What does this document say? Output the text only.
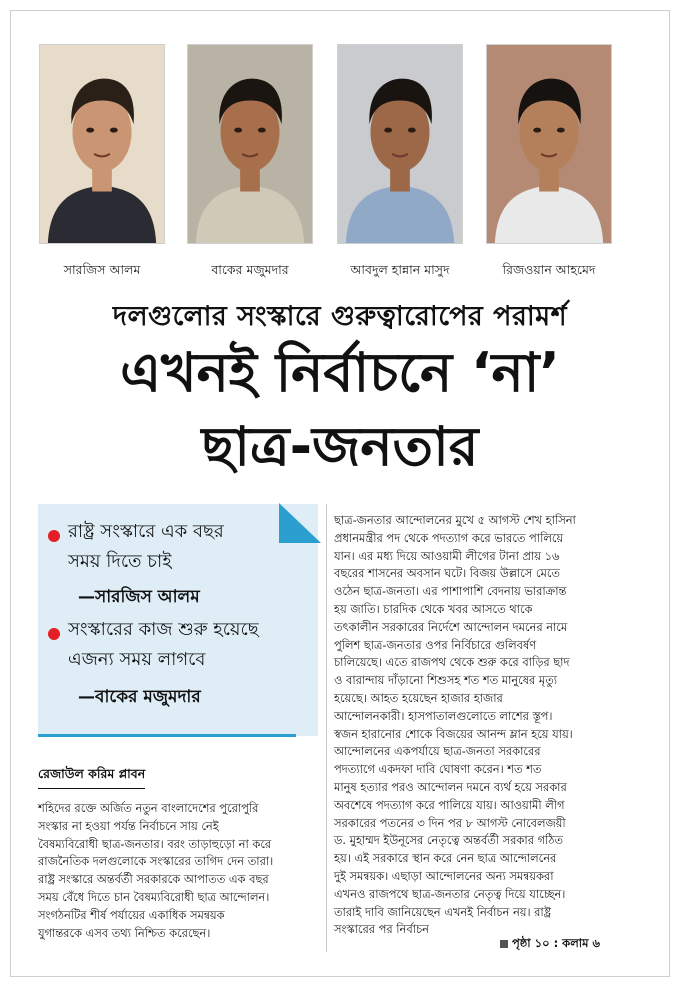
সারজিস আলম	বাকের মজুমদার	আবদুল হান্নান মাসুদ	রিজওয়ান আহমেদ
দলগুলোর সংস্কারে গুরুত্বারোপের পরামর্শ
এখনই নির্বাচনে ‘না’
ছাত্র-জনতার
রাষ্ট্র সংস্কারে এক বছর
সময় দিতে চাই
—সারজিস আলম
সংস্কারের কাজ শুরু হয়েছে
এজন্য সময় লাগবে
—বাকের মজুমদার
রেজাউল করিম প্লাবন

শহিদের রক্তে অর্জিত নতুন বাংলাদেশের পুরোপুরি

সংস্কার না হওয়া পর্যন্ত নির্বাচনে সায় নেই

বৈষম্যবিরোধী ছাত্র-জনতার। বরং তাড়াহুড়ো না করে

রাজনৈতিক দলগুলোকে সংস্কারের তাগিদ দেন তারা।

রাষ্ট্র সংস্কারে অন্তর্বর্তী সরকারকে আপাতত এক বছর

সময় বেঁধে দিতে চান বৈষম্যবিরোধী ছাত্র আন্দোলন।

সংগঠনটির শীর্ষ পর্যায়ের একাধিক সমন্বয়ক

যুগান্তরকে এসব তথ্য নিশ্চিত করেছেন।

ছাত্র-জনতার আন্দোলনের মুখে ৫ আগস্ট শেখ হাসিনা

প্রধানমন্ত্রীর পদ থেকে পদত্যাগ করে ভারতে পালিয়ে

যান। এর মধ্য দিয়ে আওয়ামী লীগের টানা প্রায় ১৬

বছরের শাসনের অবসান ঘটে। বিজয় উল্লাসে মেতে

ওঠেন ছাত্র-জনতা। এর পাশাপাশি বেদনায় ভারাক্রান্ত

হয় জাতি। চারদিক থেকে খবর আসতে থাকে

তৎকালীন সরকারের নির্দেশে আন্দোলন দমনের নামে

পুলিশ ছাত্র-জনতার ওপর নির্বিচারে গুলিবর্ষণ

চালিয়েছে। এতে রাজপথ থেকে শুরু করে বাড়ির ছাদ

ও বারান্দায় দাঁড়ানো শিশুসহ শত শত মানুষের মৃত্যু

হয়েছে। আহত হয়েছেন হাজার হাজার

আন্দোলনকারী। হাসপাতালগুলোতে লাশের স্তূপ।

স্বজন হারানোর শোকে বিজয়ের আনন্দ ম্লান হয়ে যায়।

আন্দোলনের একপর্যায়ে ছাত্র-জনতা সরকারের

পদত্যাগে একদফা দাবি ঘোষণা করেন। শত শত

মানুষ হত্যার পরও আন্দোলন দমনে ব্যর্থ হয়ে সরকার

অবশেষে পদত্যাগ করে পালিয়ে যায়। আওয়ামী লীগ

সরকারের পতনের ৩ দিন পর ৮ আগস্ট নোবেলজয়ী

ড. মুহাম্মদ ইউনূসের নেতৃত্বে অন্তর্বর্তী সরকার গঠিত

হয়। এই সরকারে স্থান করে নেন ছাত্র আন্দোলনের

দুই সমন্বয়ক। এছাড়া আন্দোলনের অন্য সমন্বয়করা

এখনও রাজপথে ছাত্র-জনতার নেতৃত্ব দিয়ে যাচ্ছেন।

তারাই দাবি জানিয়েছেন এখনই নির্বাচন নয়। রাষ্ট্র

সংস্কারের পর নির্বাচন

পৃষ্ঠা ১০ : কলাম ৬
